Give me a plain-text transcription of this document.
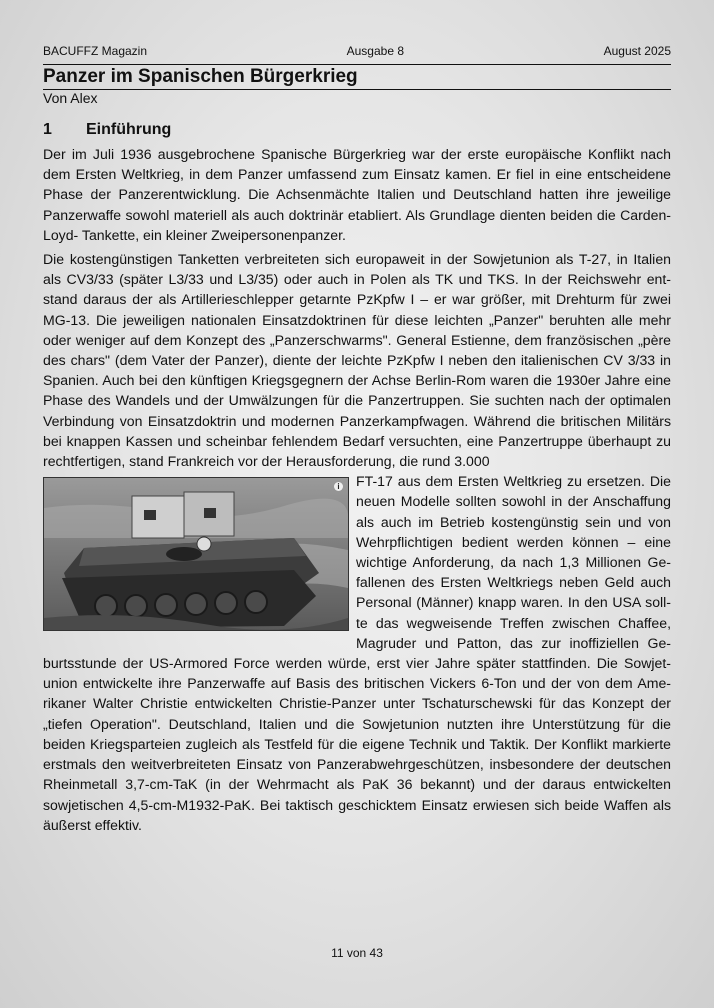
BACUFFZ Magazin	Ausgabe 8	August 2025
Panzer im Spanischen Bürgerkrieg
Von Alex
1 Einführung

Der im Juli 1936 ausgebrochene Spanische Bürgerkrieg war der erste europäische Konflikt nach dem Ersten Weltkrieg, in dem Panzer umfassend zum Einsatz kamen. Er fiel in eine entscheidene Phase der Panzerentwicklung. Die Achsenmächte Italien und Deutschland hatten ihre jeweilige Panzerwaffe sowohl materiell als auch doktrinär etabliert. Als Grundlage dienten beiden die Carden-Loyd- Tankette, ein kleiner Zweipersonenpanzer.

Die kostengünstigen Tanketten verbreiteten sich europaweit in der Sowjetunion als T-27, in Italien als CV3/33 (später L3/33 und L3/35) oder auch in Polen als TK und TKS. In der Reichswehr entstand daraus der als Artillerieschlepper getarnte PzKpfw I – er war größer, mit Drehturm für zwei MG-13. Die jeweiligen nationalen Einsatzdoktrinen für diese leichten „Panzer" beruhten alle mehr oder weniger auf dem Konzept des „Panzerschwarms". General Estienne, dem französischen „père des chars" (dem Vater der Panzer), diente der leichte PzKpfw I neben den italienischen CV 3/33 in Spanien. Auch bei den künftigen Kriegsgegnern der Achse Berlin-Rom waren die 1930er Jahre eine Phase des Wandels und der Umwälzungen für die Panzertruppen. Sie suchten nach der optimalen Verbindung von Einsatzdoktrin und modernen Panzerkampfwagen. Während die britischen Militärs bei knappen Kassen und scheinbar fehlendem Bedarf versuchten, eine Panzertruppe überhaupt zu rechtfertigen, stand Frankreich vor der Herausforderung, die rund 3.000

i	FT-17 aus dem Ersten Weltkrieg zu ersetzen. Die neuen Modelle sollten sowohl in der Anschaffung als auch im Betrieb kostengünstig sein und von Wehrpflichtigen bedient werden können – eine wichtige Anforderung, da nach 1,3 Millionen Gefallenen des Ersten Weltkriegs neben Geld auch Personal (Männer) knapp waren. In den USA sollte das wegweisende Treffen zwischen Chaffee, Magruder und Patton, das zur inoffiziellen Geburtsstunde der US-Armored Force werden würde, erst vier Jahre später stattfinden. Die Sowjetunion entwickelte ihre Panzerwaffe auf Basis des britischen Vickers 6-Ton und der von dem Amerikaner Walter Christie entwickelten Christie-Panzer unter Tschaturschewski für das Konzept der „tiefen Operation". Deutschland, Italien und die Sowjetunion nutzten ihre Unterstützung für die beiden Kriegsparteien zugleich als Testfeld für die eigene Technik und Taktik. Der Konflikt markierte erstmals den weitverbreiteten Einsatz von Panzerabwehrgeschützen, insbesondere der deutschen Rheinmetall 3,7-cm-TaK (in der Wehrmacht als PaK 36 bekannt) und der daraus entwickelten sowjetischen 4,5-cm-M1932-PaK. Bei taktisch geschicktem Einsatz erwiesen sich beide Waffen als äußerst effektiv.

11 von 43
